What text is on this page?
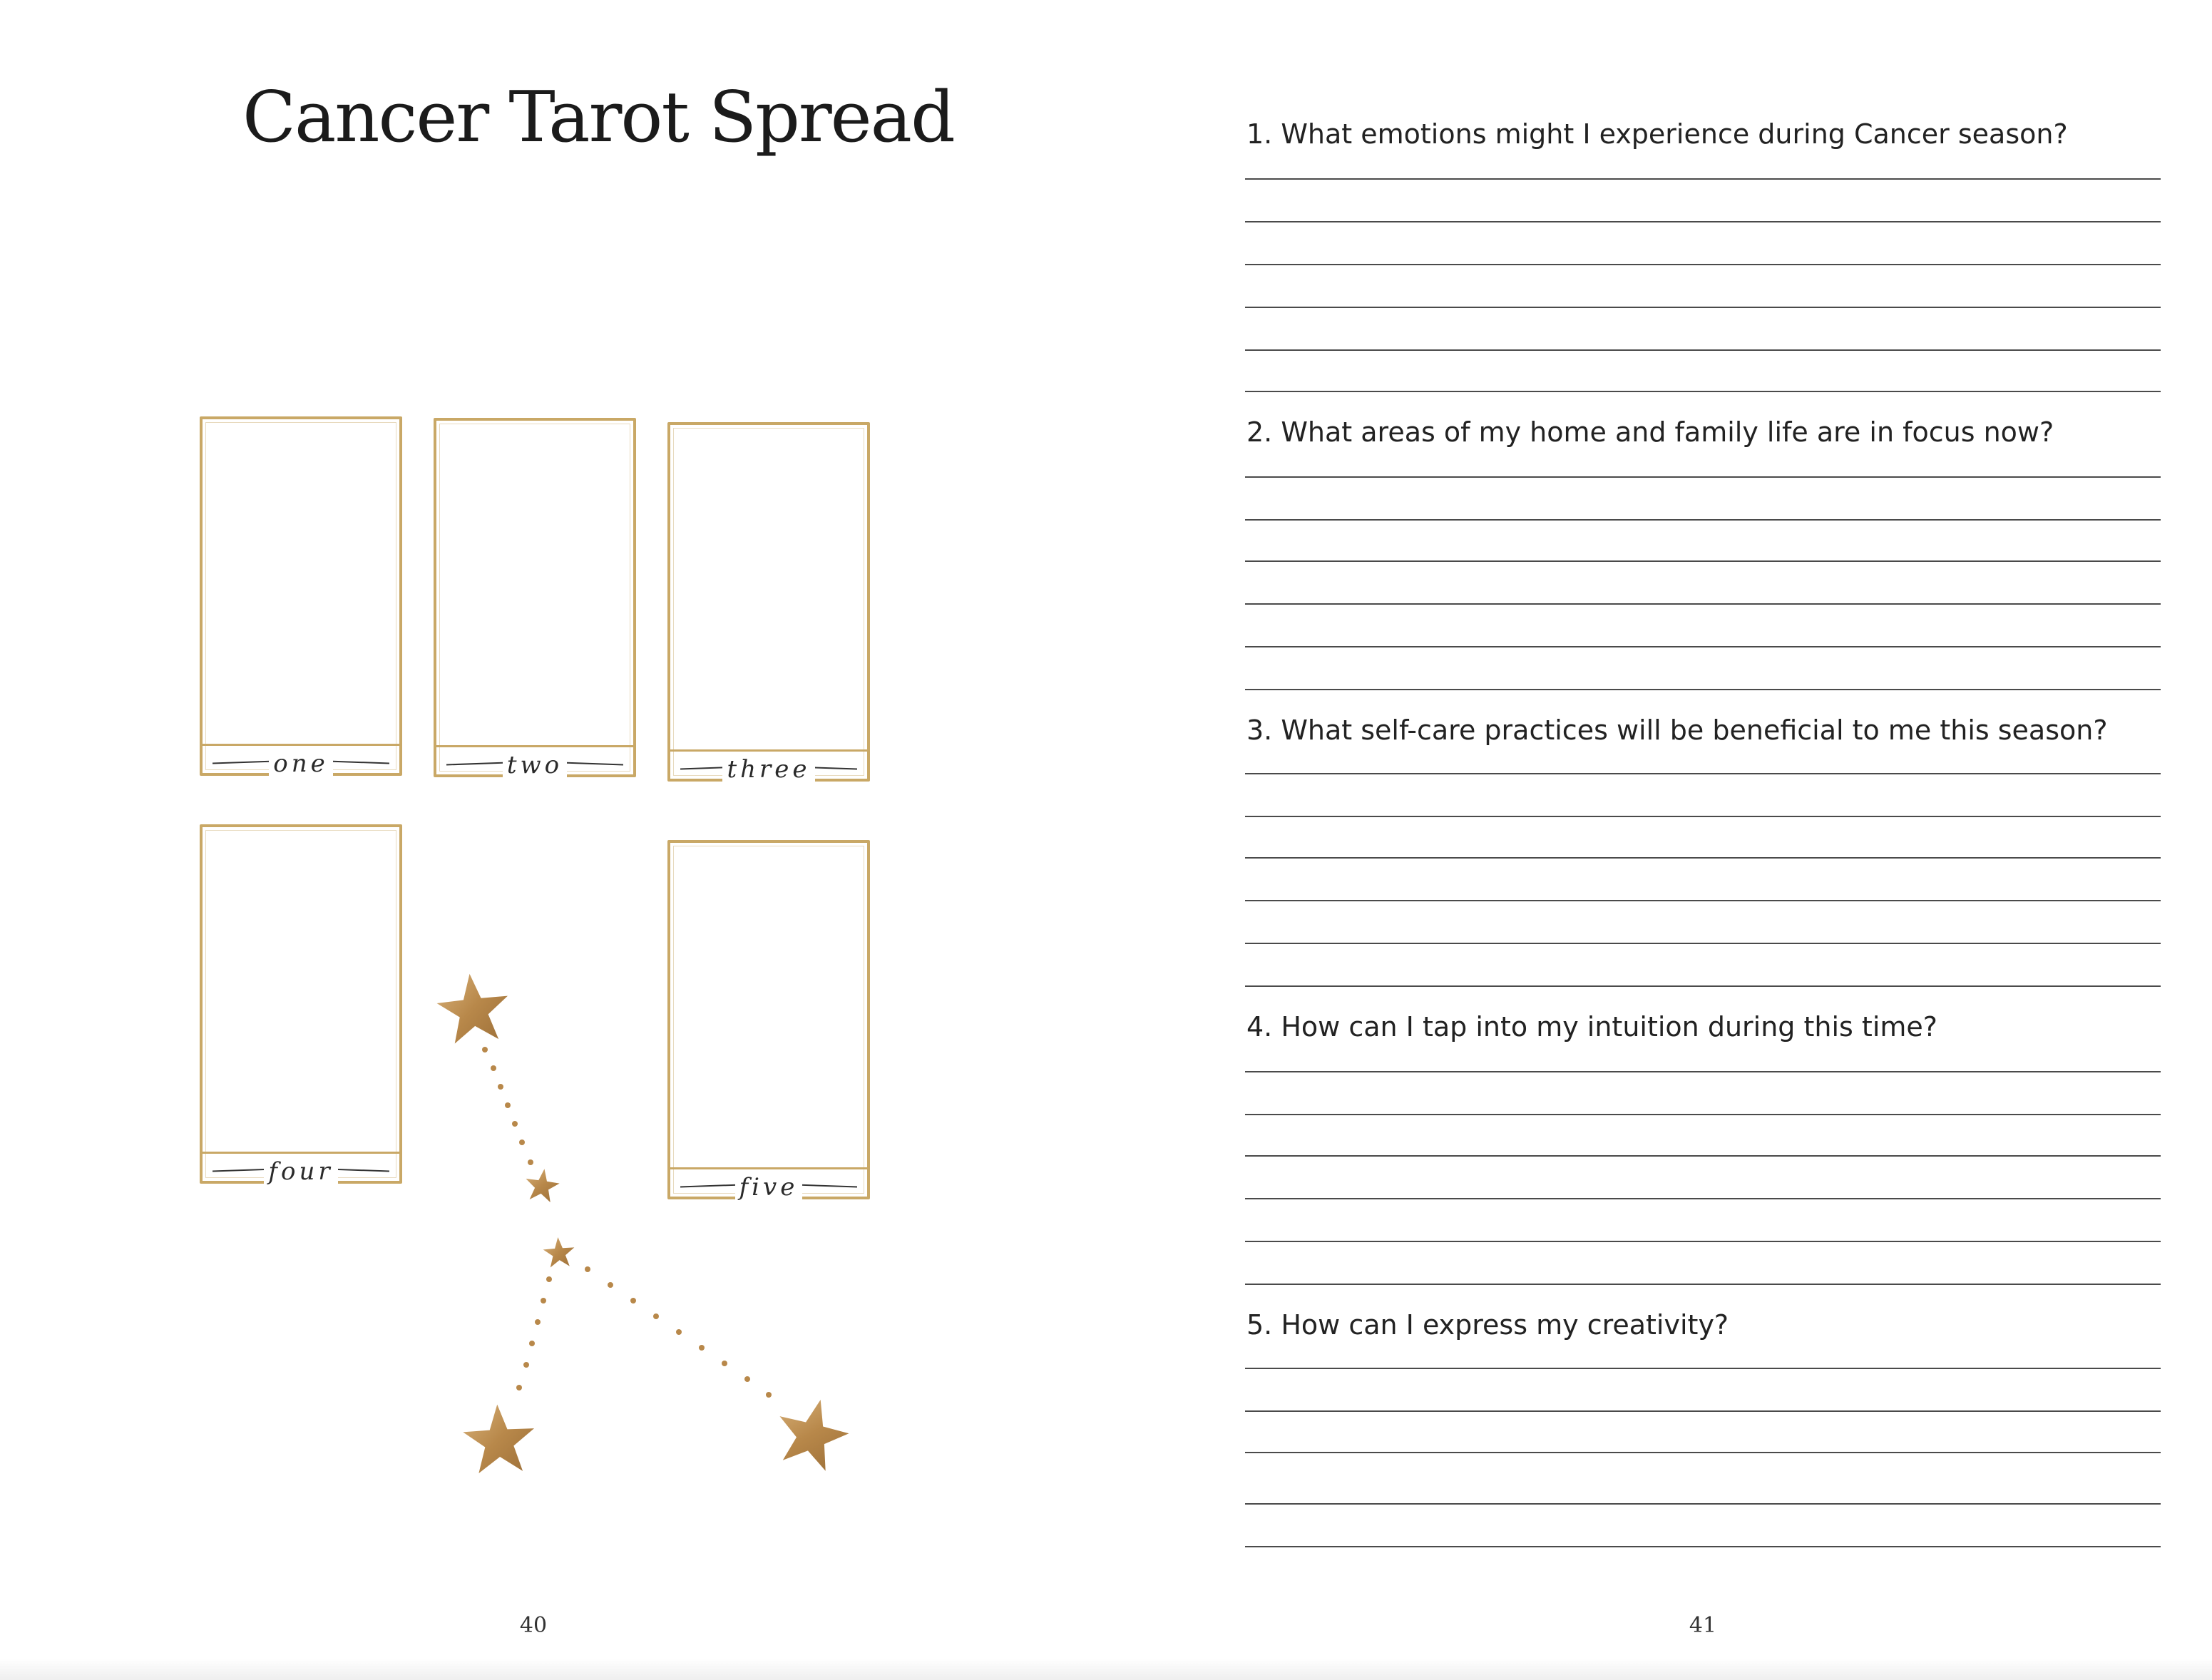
Cancer Tarot Spread
one	two	three
four
five
40

1. What emotions might I experience during Cancer season?

2. What areas of my home and family life are in focus now?

3. What self-care practices will be beneficial to me this season?

4. How can I tap into my intuition during this time?

5. How can I express my creativity?

41
